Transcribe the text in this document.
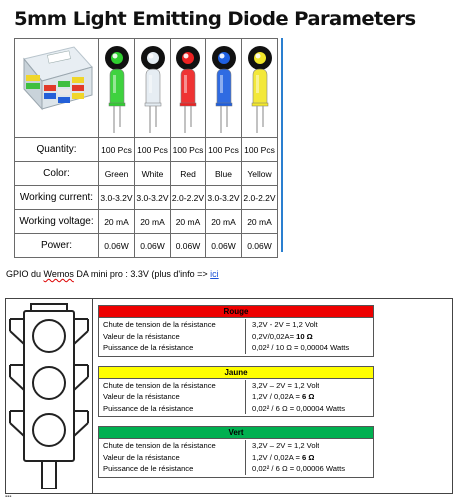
5mm Light Emitting Diode Parameters

Quantity:	100 Pcs	100 Pcs	100 Pcs	100 Pcs	100 Pcs
Color:	Green	White	Red	Blue	Yellow
Working current:	3.0-3.2V	3.0-3.2V	2.0-2.2V	3.0-3.2V	2.0-2.2V
Working voltage:	20 mA	20 mA	20 mA	20 mA	20 mA
Power:	0.06W	0.06W	0.06W	0.06W	0.06W
GPIO du Wemos DA mini pro : 3.3V (plus d'info => ici
Rouge
Chute de tension de la résistance	3,2V - 2V = 1,2 Volt
Valeur de la résistance	0,2V/0,02A= 10 Ω
Puissance de la résistance	0,02² / 10 Ω = 0,00004 Watts
Jaune
Chute de tension de la résistance	3,2V – 2V = 1,2 Volt
Valeur de la résistance	1,2V / 0,02A = 6 Ω
Puissance de la résistance	0,02² / 6 Ω = 0,00004 Watts
Vert
Chute de tension de la résistance	3,2V – 2V = 1,2 Volt
Valeur de la résistance	1,2V / 0,02A = 6 Ω
Puissance de le résistance	0,02² / 6 Ω = 0,00006 Watts
▪▪▪
